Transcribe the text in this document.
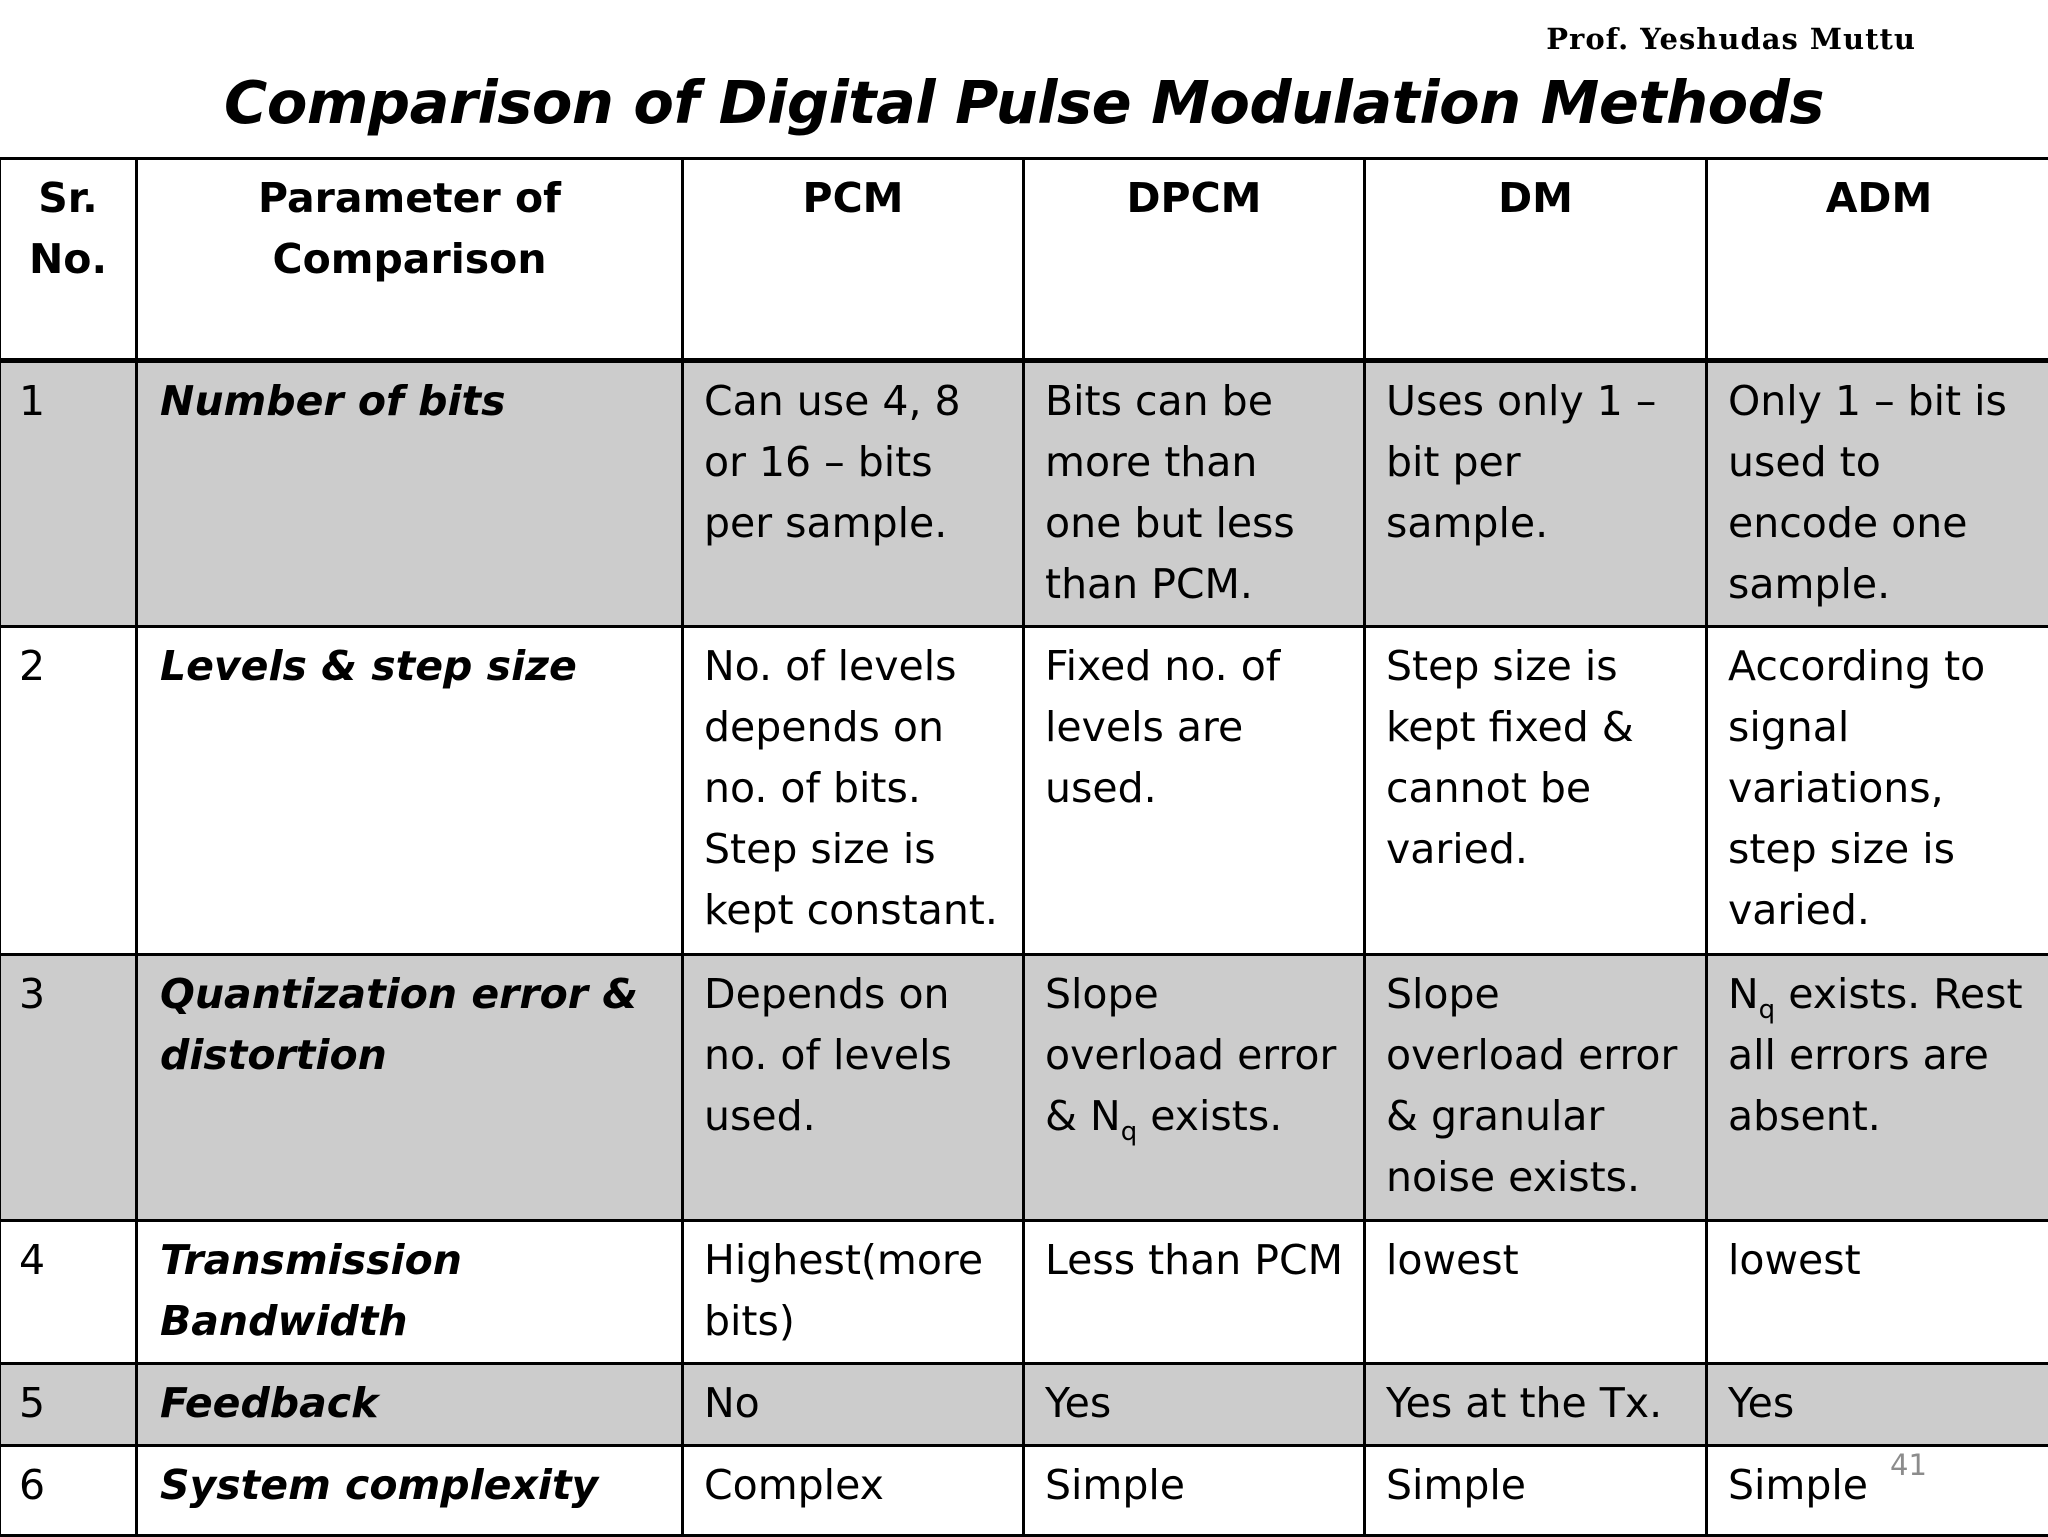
Prof. Yeshudas Muttu
Comparison of Digital Pulse Modulation Methods
Sr. No.	Parameter of Comparison	PCM	DPCM	DM	ADM
1	Number of bits	Can use 4, 8 or 16 – bits per sample.	Bits can be more than one but less than PCM.	Uses only 1 – bit per sample.	Only 1 – bit is used to encode one sample.
2	Levels & step size	No. of levels depends on no. of bits. Step size is kept constant.	Fixed no. of levels are used.	Step size is kept fixed & cannot be varied.	According to signal variations, step size is varied.
3	Quantization error & distortion	Depends on no. of levels used.	Slope overload error & $N_q$ exists.	Slope overload error & granular noise exists.	$N_q$ exists. Rest all errors are absent.
4	Transmission Bandwidth	Highest(more bits)	Less than PCM	lowest	lowest
5	Feedback	No	Yes	Yes at the Tx.	Yes
6	System complexity	Complex	Simple	Simple	Simple 41
